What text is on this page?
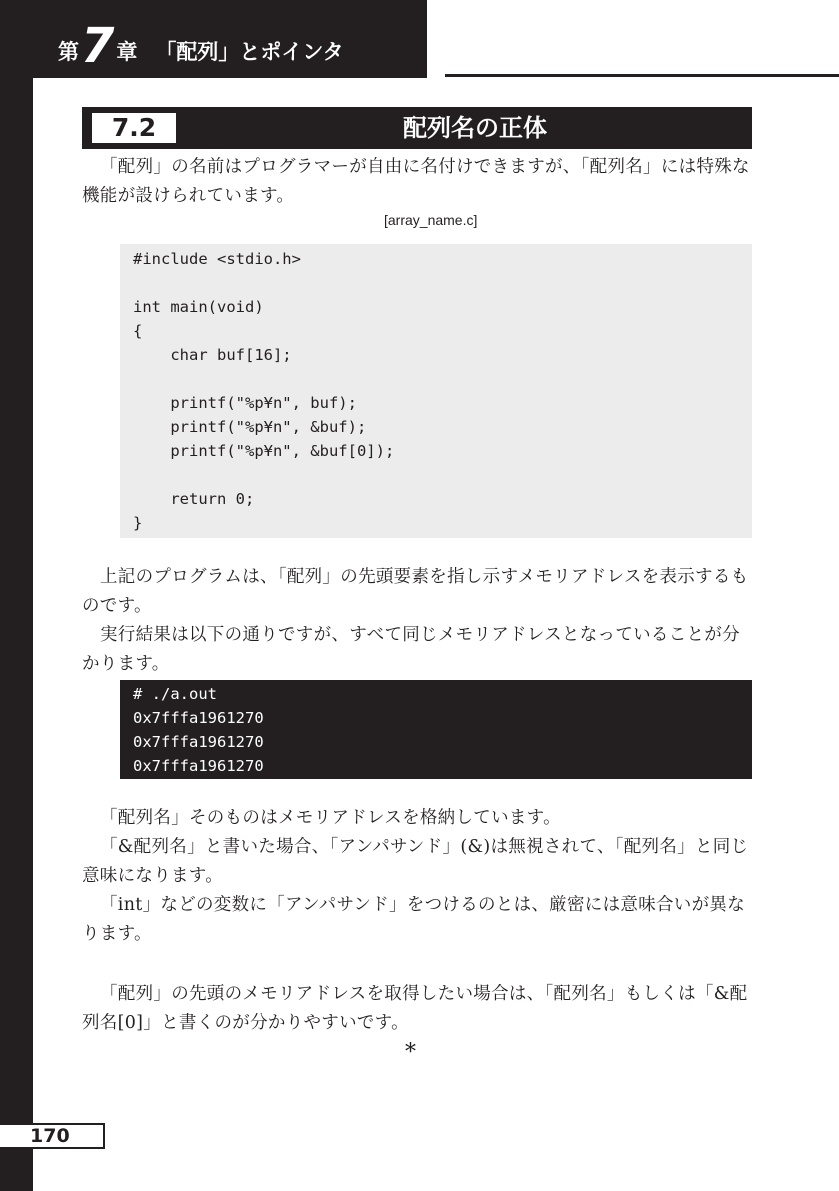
第 7 章 「配列」とポインタ
7.2	配列名の正体
「配列」の名前はプログラマーが自由に名付けできますが、「配列名」には特殊な機能が設けられています。
[array_name.c]
#include <stdio.h>

int main(void)
{
char buf[16];

printf("%p¥n", buf);
printf("%p¥n", &buf);
printf("%p¥n", &buf[0]);

return 0;
}
上記のプログラムは、「配列」の先頭要素を指し示すメモリアドレスを表示するものです。
実行結果は以下の通りですが、すべて同じメモリアドレスとなっていることが分かります。
# ./a.out
0x7fffa1961270
0x7fffa1961270
0x7fffa1961270
「配列名」そのものはメモリアドレスを格納しています。
「&配列名」と書いた場合、「アンパサンド」(&)は無視されて、「配列名」と同じ意味になります。
「int」などの変数に「アンパサンド」をつけるのとは、厳密には意味合いが異なります。
「配列」の先頭のメモリアドレスを取得したい場合は、「配列名」もしくは「&配列名[0]」と書くのが分かりやすいです。
*
170
